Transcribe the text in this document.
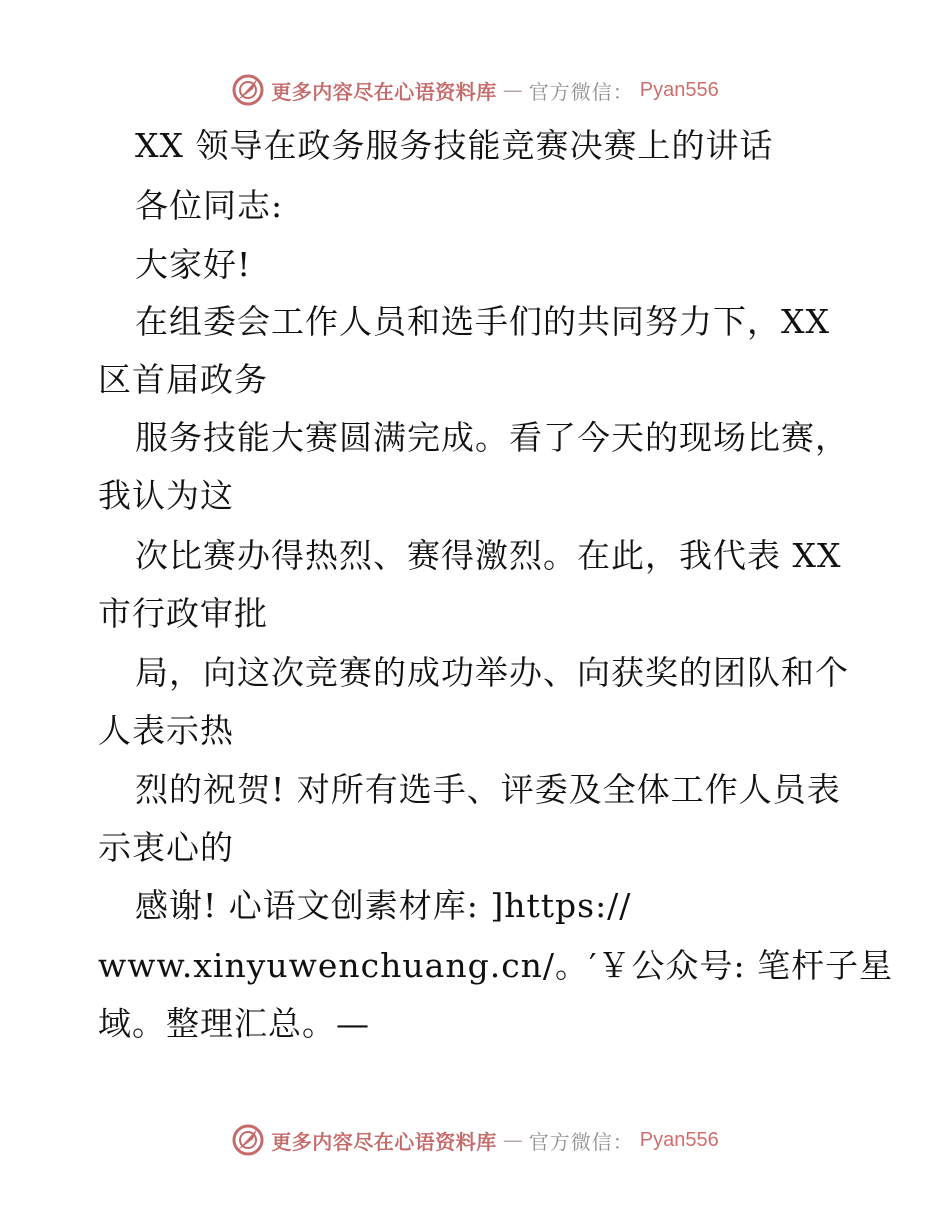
更多内容尽在心语资料库 — 官方微信： Pyan556
XX 领导在政务服务技能竞赛决赛上的讲话
各位同志:
大家好!
在组委会工作人员和选手们的共同努力下，XX
区首届政务
服务技能大赛圆满完成。看了今天的现场比赛，
我认为这
次比赛办得热烈、赛得激烈。在此，我代表 XX
市行政审批
局，向这次竞赛的成功举办、向获奖的团队和个
人表示热
烈的祝贺! 对所有选手、评委及全体工作人员表
示衷心的
感谢! 心语文创素材库: ]https://
www.xinyuwenchuang.cn/。′￥公众号: 笔杆子星
域。整理汇总。—
更多内容尽在心语资料库 — 官方微信： Pyan556
